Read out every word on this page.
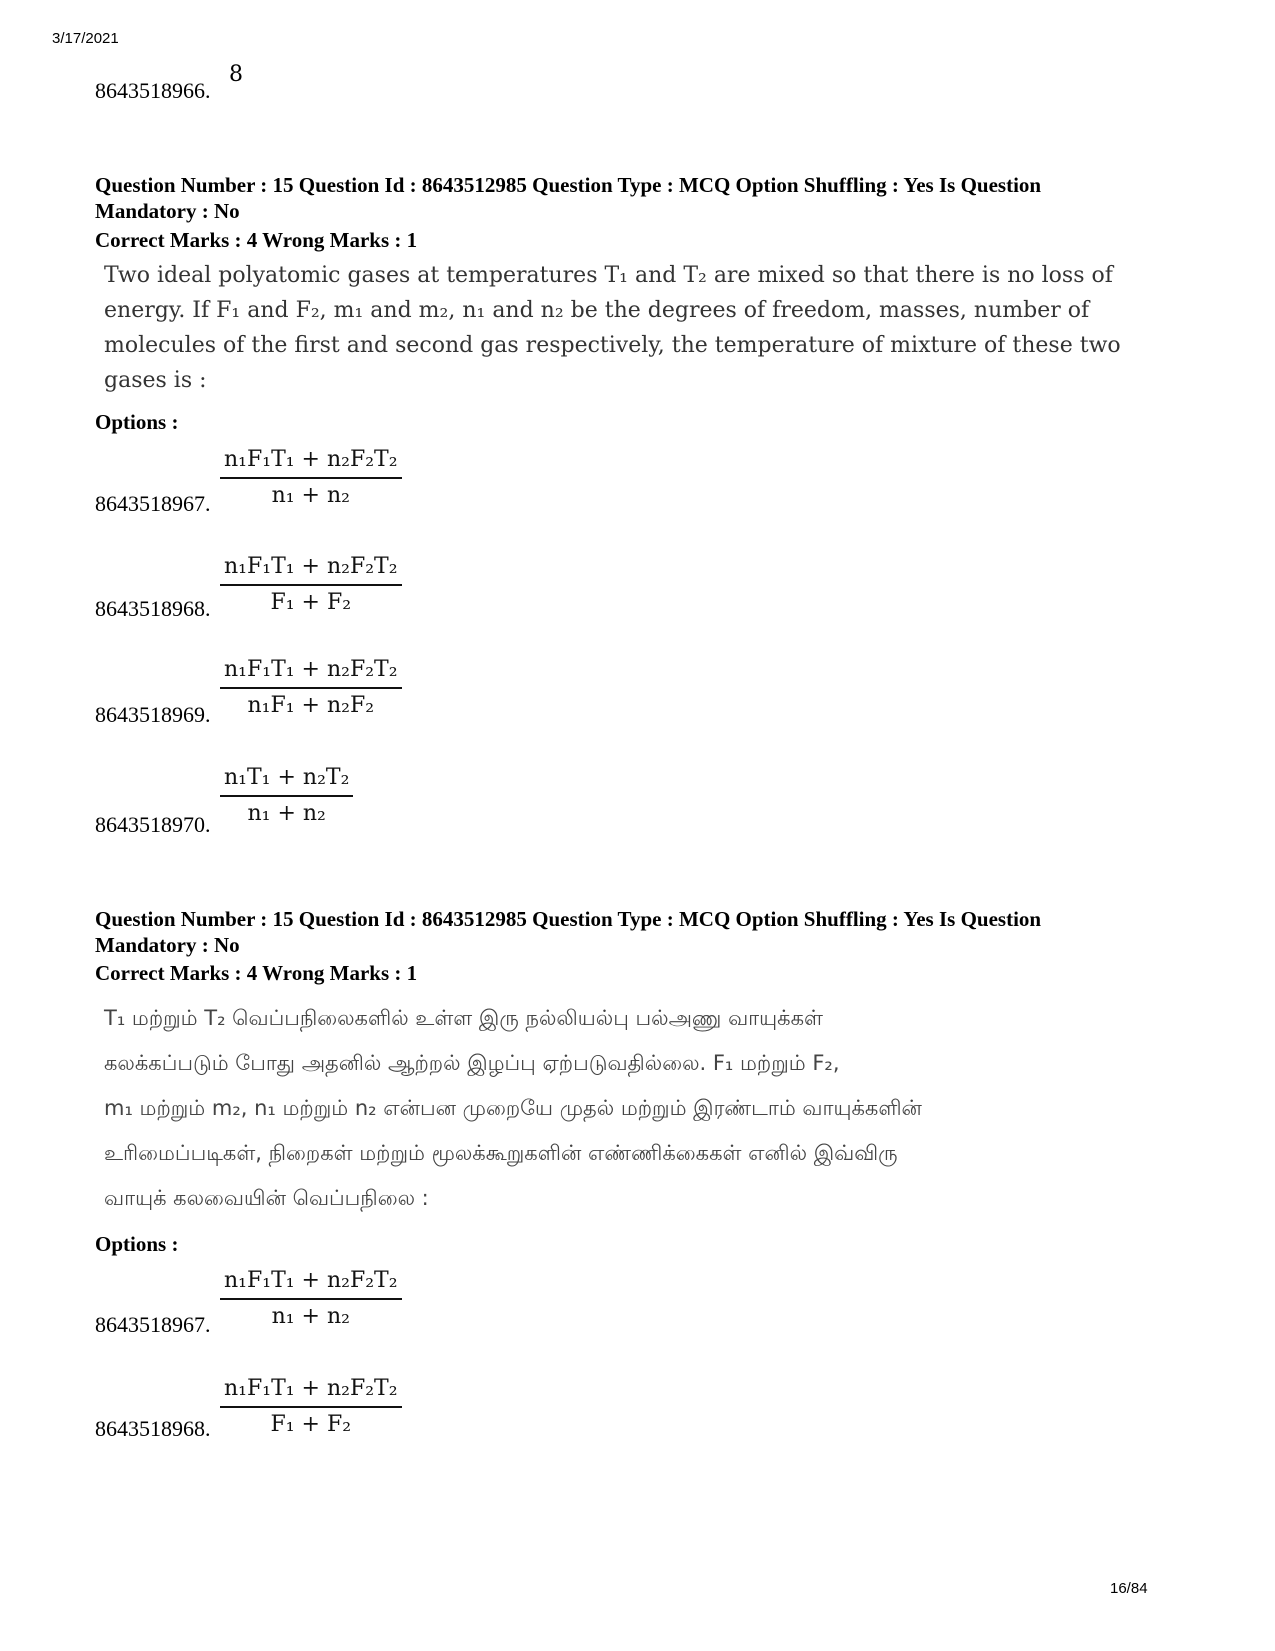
3/17/2021
16/84
8643518966.
8
Question Number : 15 Question Id : 8643512985 Question Type : MCQ Option Shuffling : Yes Is Question
Mandatory : No
Correct Marks : 4 Wrong Marks : 1
Two ideal polyatomic gases at temperatures T₁ and T₂ are mixed so that there is no loss of
energy. If F₁ and F₂, m₁ and m₂, n₁ and n₂ be the degrees of freedom, masses, number of
molecules of the first and second gas respectively, the temperature of mixture of these two
gases is :
Options :
8643518967. $\frac{\text{n₁F₁T₁ + n₂F₂T₂}}{\text{n₁ + n₂}}$
8643518968. $\frac{\text{n₁F₁T₁ + n₂F₂T₂}}{\text{F₁ + F₂}}$
8643518969. $\frac{\text{n₁F₁T₁ + n₂F₂T₂}}{\text{n₁F₁ + n₂F₂}}$
8643518970. $\frac{\text{n₁T₁ + n₂T₂}}{\text{n₁ + n₂}}$
Question Number : 15 Question Id : 8643512985 Question Type : MCQ Option Shuffling : Yes Is Question
Mandatory : No
Correct Marks : 4 Wrong Marks : 1
T₁ மற்றும் T₂ வெப்பநிலைகளில் உள்ள இரு நல்லியல்பு பல்அணு வாயுக்கள்
கலக்கப்படும் போது அதனில் ஆற்றல் இழப்பு ஏற்படுவதில்லை. F₁ மற்றும் F₂,
m₁ மற்றும் m₂, n₁ மற்றும் n₂ என்பன முறையே முதல் மற்றும் இரண்டாம் வாயுக்களின்
உரிமைப்படிகள், நிறைகள் மற்றும் மூலக்கூறுகளின் எண்ணிக்கைகள் எனில் இவ்விரு
வாயுக் கலவையின் வெப்பநிலை :
Options :
8643518967. $\frac{\text{n₁F₁T₁ + n₂F₂T₂}}{\text{n₁ + n₂}}$
8643518968. $\frac{\text{n₁F₁T₁ + n₂F₂T₂}}{\text{F₁ + F₂}}$
